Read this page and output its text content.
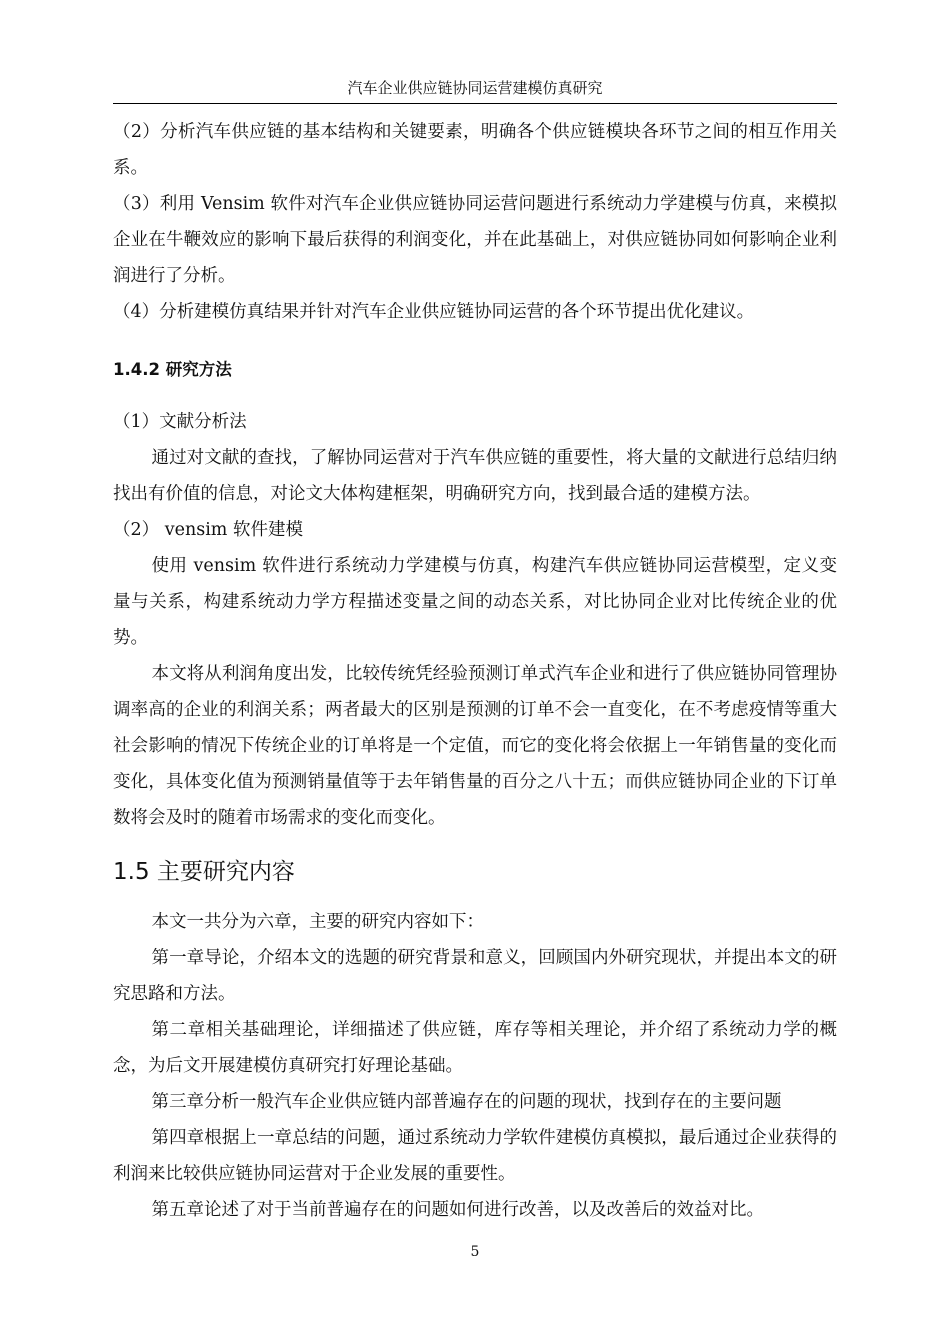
汽车企业供应链协同运营建模仿真研究

（2）分析汽车供应链的基本结构和关键要素，明确各个供应链模块各环节之间的相互作用关系。

（3）利用 Vensim 软件对汽车企业供应链协同运营问题进行系统动力学建模与仿真，来模拟企业在牛鞭效应的影响下最后获得的利润变化，并在此基础上，对供应链协同如何影响企业利润进行了分析。

（4）分析建模仿真结果并针对汽车企业供应链协同运营的各个环节提出优化建议。

1.4.2 研究方法

（1）文献分析法

通过对文献的查找，了解协同运营对于汽车供应链的重要性，将大量的文献进行总结归纳找出有价值的信息，对论文大体构建框架，明确研究方向，找到最合适的建模方法。

（2） vensim 软件建模

使用 vensim 软件进行系统动力学建模与仿真，构建汽车供应链协同运营模型，定义变量与关系，构建系统动力学方程描述变量之间的动态关系，对比协同企业对比传统企业的优势。

本文将从利润角度出发，比较传统凭经验预测订单式汽车企业和进行了供应链协同管理协调率高的企业的利润关系；两者最大的区别是预测的订单不会一直变化，在不考虑疫情等重大社会影响的情况下传统企业的订单将是一个定值，而它的变化将会依据上一年销售量的变化而变化，具体变化值为预测销量值等于去年销售量的百分之八十五；而供应链协同企业的下订单数将会及时的随着市场需求的变化而变化。

1.5 主要研究内容

本文一共分为六章，主要的研究内容如下：

第一章导论，介绍本文的选题的研究背景和意义，回顾国内外研究现状，并提出本文的研究思路和方法。

第二章相关基础理论，详细描述了供应链，库存等相关理论，并介绍了系统动力学的概念，为后文开展建模仿真研究打好理论基础。

第三章分析一般汽车企业供应链内部普遍存在的问题的现状，找到存在的主要问题

第四章根据上一章总结的问题，通过系统动力学软件建模仿真模拟，最后通过企业获得的利润来比较供应链协同运营对于企业发展的重要性。

第五章论述了对于当前普遍存在的问题如何进行改善，以及改善后的效益对比。

5
